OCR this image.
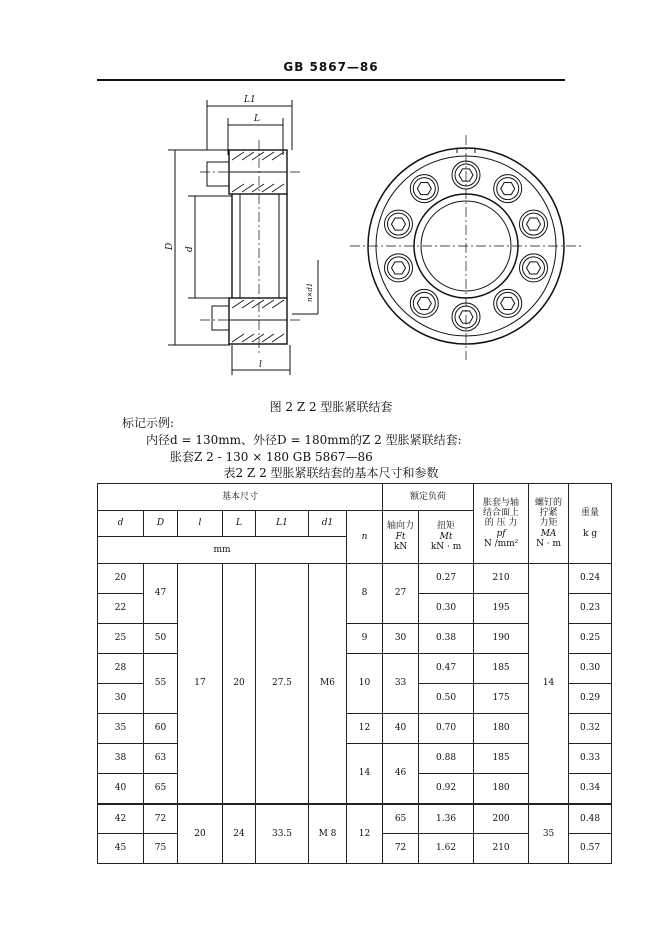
GB 5867—86
L1
L
D d
n×d1
l
图 2 Z 2 型胀紧联结套
标记示例:
内径d = 130mm、外径D = 180mm的Z 2 型胀紧联结套:
胀套Z 2 - 130 × 180 GB 5867—86
表2 Z 2 型胀紧联结套的基本尺寸和参数
基本尺寸							额定负荷		胀套与轴
结合面上
的 压 力
pf
N /mm²	螺钉的
拧紧
力矩
MA
N · m	重量

k g
d	D	l	L	L1	d1	n	轴向力
Ft
kN	扭矩
Mt
kN · m			
mm											
20	47	17	20	27.5	M6	8	27	0.27	210	14	0.24
22								0.30	195		0.23
25	50					9	30	0.38	190		0.25
28	55					10	33	0.47	185		0.30
30								0.50	175		0.29
35	60					12	40	0.70	180		0.32
38	63					14	46	0.88	185		0.33
40	65							0.92	180		0.34
42	72	20	24	33.5	M 8	12	65	1.36	200	35	0.48
45	75						72	1.62	210		0.57
